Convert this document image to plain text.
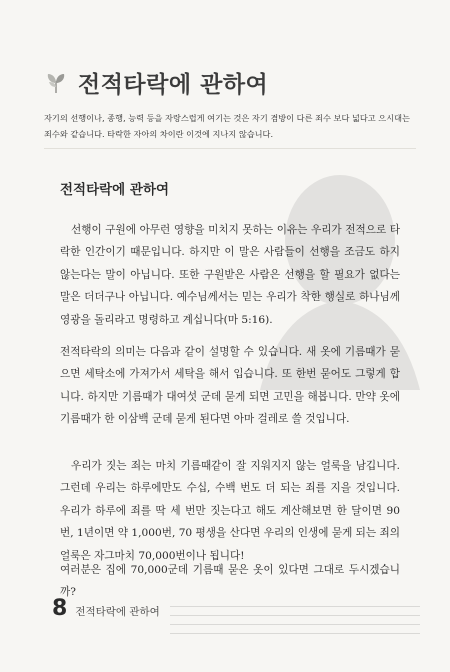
전적타락에 관하여
자기의 선행이나, 종행, 능력 등을 자랑스럽게 여기는 것은 자기 겸방이 다른 죄수 보다 넓다고 으시대는 죄수와 같습니다. 타락한 자아의 차이란 이것에 지나지 않습니다.
전적타락에 관하여

선행이 구원에 아무런 영향을 미치지 못하는 이유는 우리가 전적으로 타락한 인간이기 때문입니다. 하지만 이 말은 사람들이 선행을 조금도 하지 않는다는 말이 아닙니다. 또한 구원받은 사람은 선행을 할 필요가 없다는 말은 더더구나 아닙니다. 예수님께서는 믿는 우리가 착한 행실로 하나님께 영광을 돌리라고 명령하고 계십니다(마 5:16).

전적타락의 의미는 다음과 같이 설명할 수 있습니다. 새 옷에 기름때가 묻으면 세탁소에 가져가서 세탁을 해서 입습니다. 또 한번 묻어도 그렇게 합니다. 하지만 기름때가 대여섯 군데 묻게 되면 고민을 해봅니다. 만약 옷에 기름때가 한 이삼백 군데 묻게 된다면 아마 걸레로 쓸 것입니다.

우리가 짓는 죄는 마치 기름때같이 잘 지워지지 않는 얼룩을 남깁니다. 그런데 우리는 하루에만도 수십, 수백 번도 더 되는 죄를 지을 것입니다. 우리가 하루에 죄를 딱 세 번만 짓는다고 해도 계산해보면 한 달이면 90번, 1년이면 약 1,000번, 70 평생을 산다면 우리의 인생에 묻게 되는 죄의 얼룩은 자그마치 70,000번이나 됩니다!

여러분은 집에 70,000군데 기름때 묻은 옷이 있다면 그대로 두시겠습니까?

8 전적타락에 관하여
